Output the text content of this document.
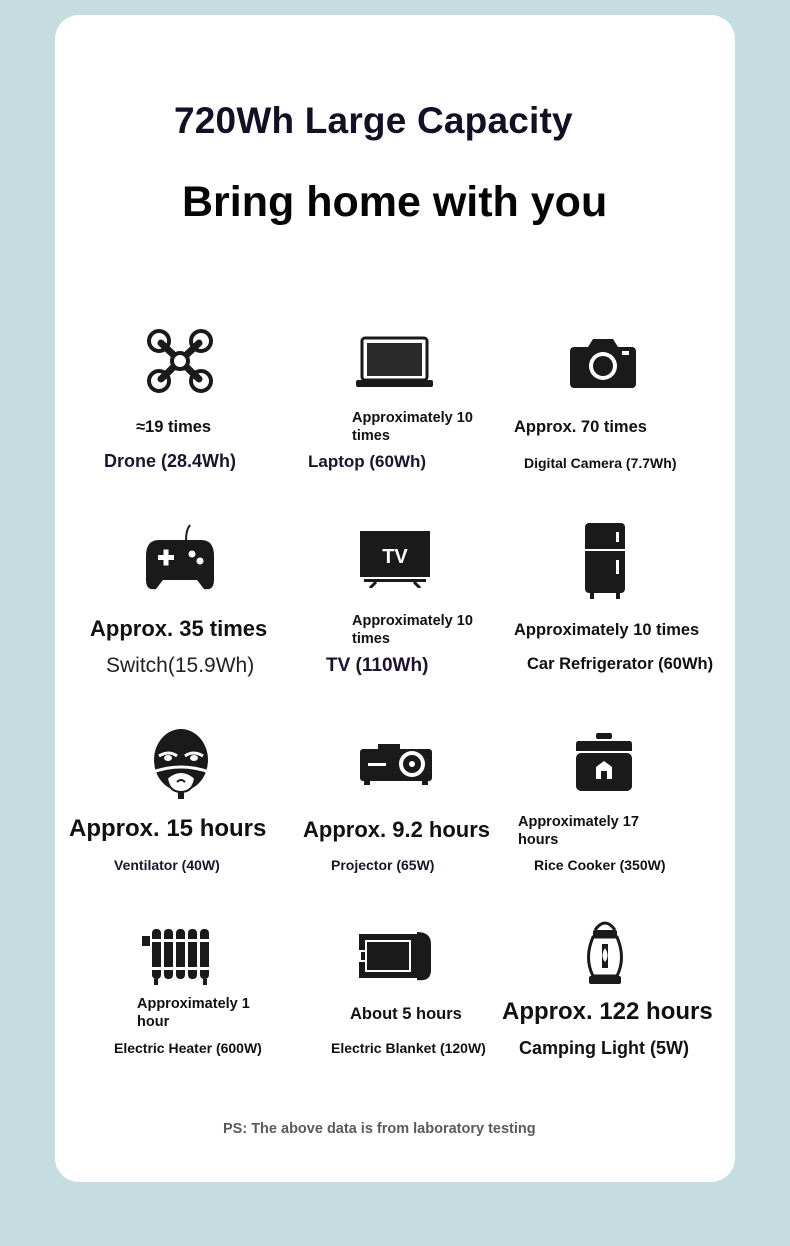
720Wh Large Capacity
Bring home with you
≈19 times
Drone (28.4Wh)
Approximately 10 times
Laptop (60Wh)
Approx. 70 times
Digital Camera (7.7Wh)
Approx. 35 times
Switch(15.9Wh)
TV
Approximately 10 times
TV (110Wh)
Approximately 10 times
Car Refrigerator (60Wh)
Approx. 15 hours
Ventilator (40W)
Approx. 9.2 hours
Projector (65W)
Approximately 17 hours
Rice Cooker (350W)
Approximately 1 hour
Electric Heater (600W)
About 5 hours
Electric Blanket (120W)
Approx. 122 hours
Camping Light (5W)
PS: The above data is from laboratory testing
